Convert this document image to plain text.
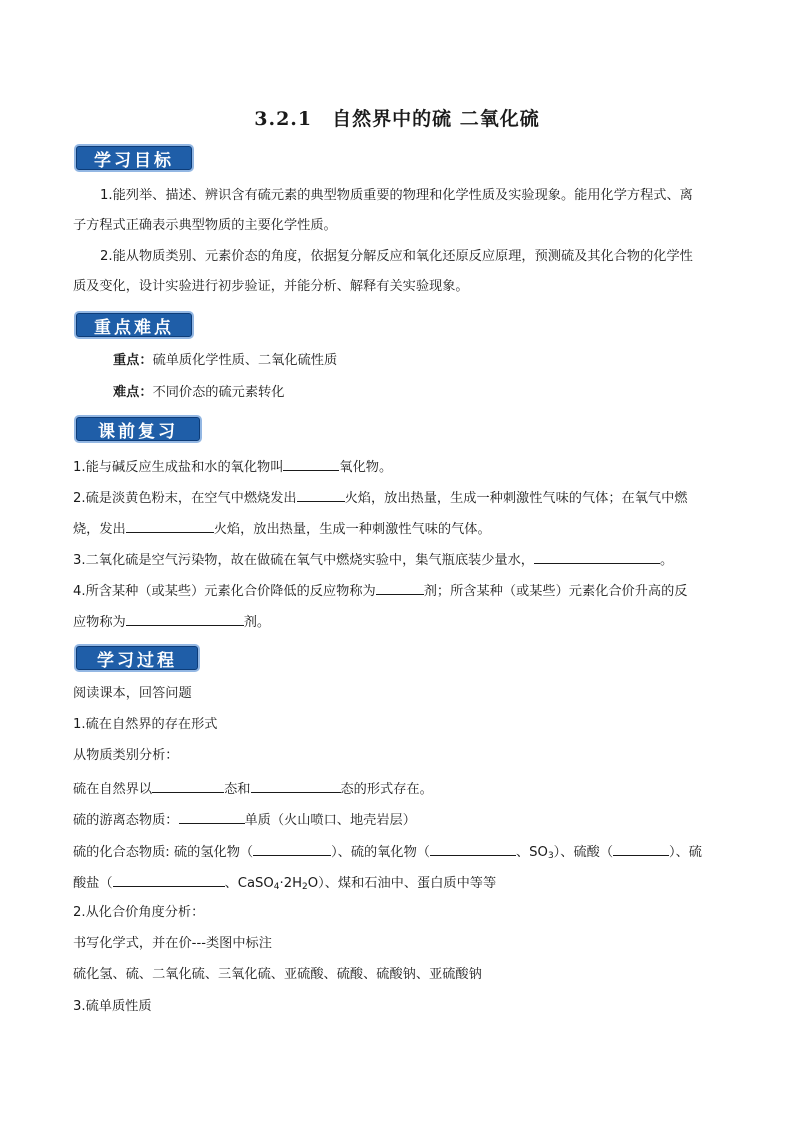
3.2.1　自然界中的硫 二氧化硫
学习目标
1.能列举、描述、辨识含有硫元素的典型物质重要的物理和化学性质及实验现象。能用化学方程式、离
子方程式正确表示典型物质的主要化学性质。
2.能从物质类别、元素价态的角度，依据复分解反应和氧化还原反应原理，预测硫及其化合物的化学性
质及变化，设计实验进行初步验证，并能分析、解释有关实验现象。
重点难点
重点：硫单质化学性质、二氧化硫性质
难点：不同价态的硫元素转化
课前复习
1.能与碱反应生成盐和水的氧化物叫	氧化物。
2.硫是淡黄色粉末，在空气中燃烧发出	火焰，放出热量，生成一种刺激性气味的气体；在氧气中燃
烧，发出	火焰，放出热量，生成一种刺激性气味的气体。
3.二氧化硫是空气污染物，故在做硫在氧气中燃烧实验中，集气瓶底装少量水，	。
4.所含某种（或某些）元素化合价降低的反应物称为	剂；所含某种（或某些）元素化合价升高的反
应物称为	剂。
学习过程
阅读课本，回答问题
1.硫在自然界的存在形式
从物质类别分析：
硫在自然界以	态和	态的形式存在。
硫的游离态物质：	单质（火山喷口、地壳岩层）
硫的化合态物质: 硫的氢化物（	）、硫的氧化物（	、$SO_3$）、硫酸（	）、硫
酸盐（	、$CaSO_4\cdot 2H_2O$）、煤和石油中、蛋白质中等等
2.从化合价角度分析：
书写化学式，并在价---类图中标注
硫化氢、硫、二氧化硫、三氧化硫、亚硫酸、硫酸、硫酸钠、亚硫酸钠
3.硫单质性质
